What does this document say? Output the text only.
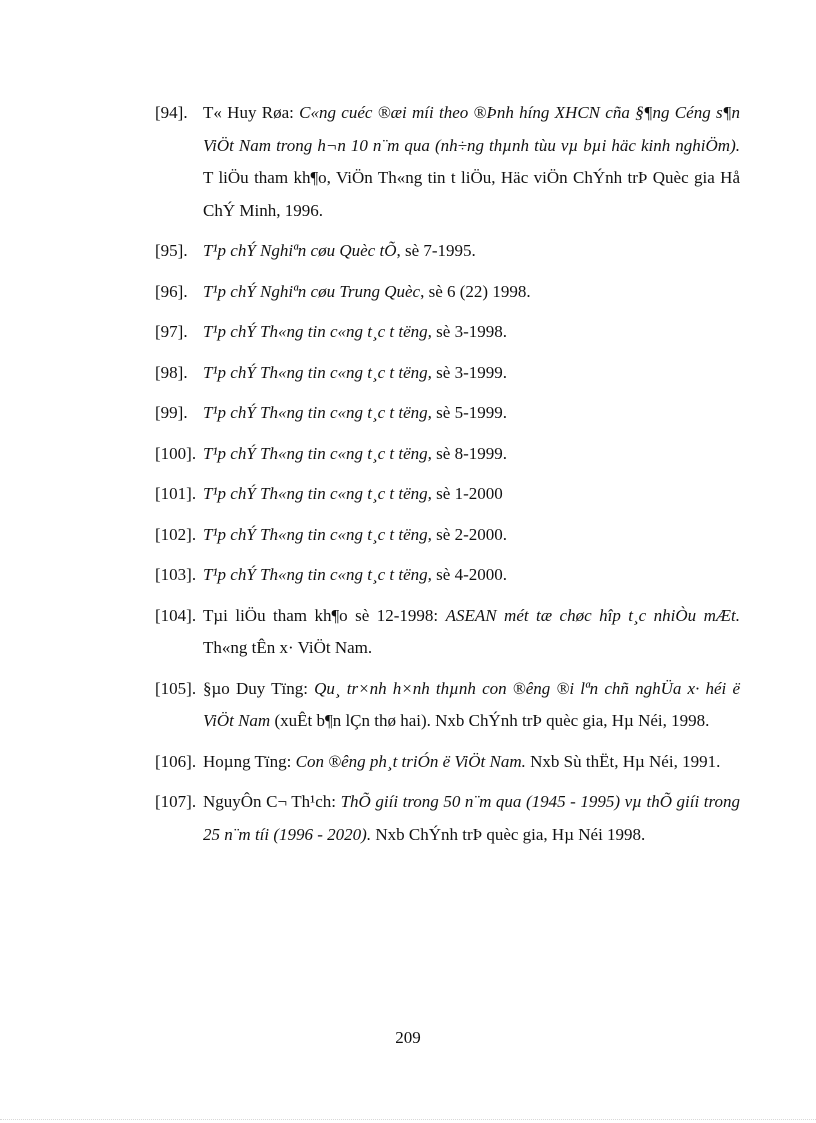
[94]. T« Huy Røa: C«ng cuéc ®æi míi theo ®Þnh híng XHCN cña §¶ng Céng s¶n ViÖt Nam trong h¬n 10 n¨m qua (nh÷ng thµnh tùu vµ bµi häc kinh nghiÖm). T liÖu tham kh¶o, ViÖn Th«ng tin t liÖu, Häc viÖn ChÝnh trÞ Quèc gia Hå ChÝ Minh, 1996.
[95]. T¹p chÝ Nghiªn cøu Quèc tÕ, sè 7-1995.
[96]. T¹p chÝ Nghiªn cøu Trung Quèc, sè 6 (22) 1998.
[97]. T¹p chÝ Th«ng tin c«ng t¸c t tëng, sè 3-1998.
[98]. T¹p chÝ Th«ng tin c«ng t¸c t tëng, sè 3-1999.
[99]. T¹p chÝ Th«ng tin c«ng t¸c t tëng, sè 5-1999.
[100]. T¹p chÝ Th«ng tin c«ng t¸c t tëng, sè 8-1999.
[101]. T¹p chÝ Th«ng tin c«ng t¸c t tëng, sè 1-2000
[102]. T¹p chÝ Th«ng tin c«ng t¸c t tëng, sè 2-2000.
[103]. T¹p chÝ Th«ng tin c«ng t¸c t tëng, sè 4-2000.
[104]. Tµi liÖu tham kh¶o sè 12-1998: ASEAN mét tæ chøc hîp t¸c nhiÒu mÆt. Th«ng tÊn x· ViÖt Nam.
[105]. §µo Duy Tïng: Qu¸ tr×nh h×nh thµnh con ®êng ®i lªn chñ nghÜa x· héi ë ViÖt Nam (xuÊt b¶n lÇn thø hai). Nxb ChÝnh trÞ quèc gia, Hµ Néi, 1998.
[106]. Hoµng Tïng: Con ®êng ph¸t triÓn ë ViÖt Nam. Nxb Sù thËt, Hµ Néi, 1991.
[107]. NguyÔn C¬ Th¹ch: ThÕ giíi trong 50 n¨m qua (1945 - 1995) vµ thÕ giíi trong 25 n¨m tíi (1996 - 2020). Nxb ChÝnh trÞ quèc gia, Hµ Néi 1998.
209
